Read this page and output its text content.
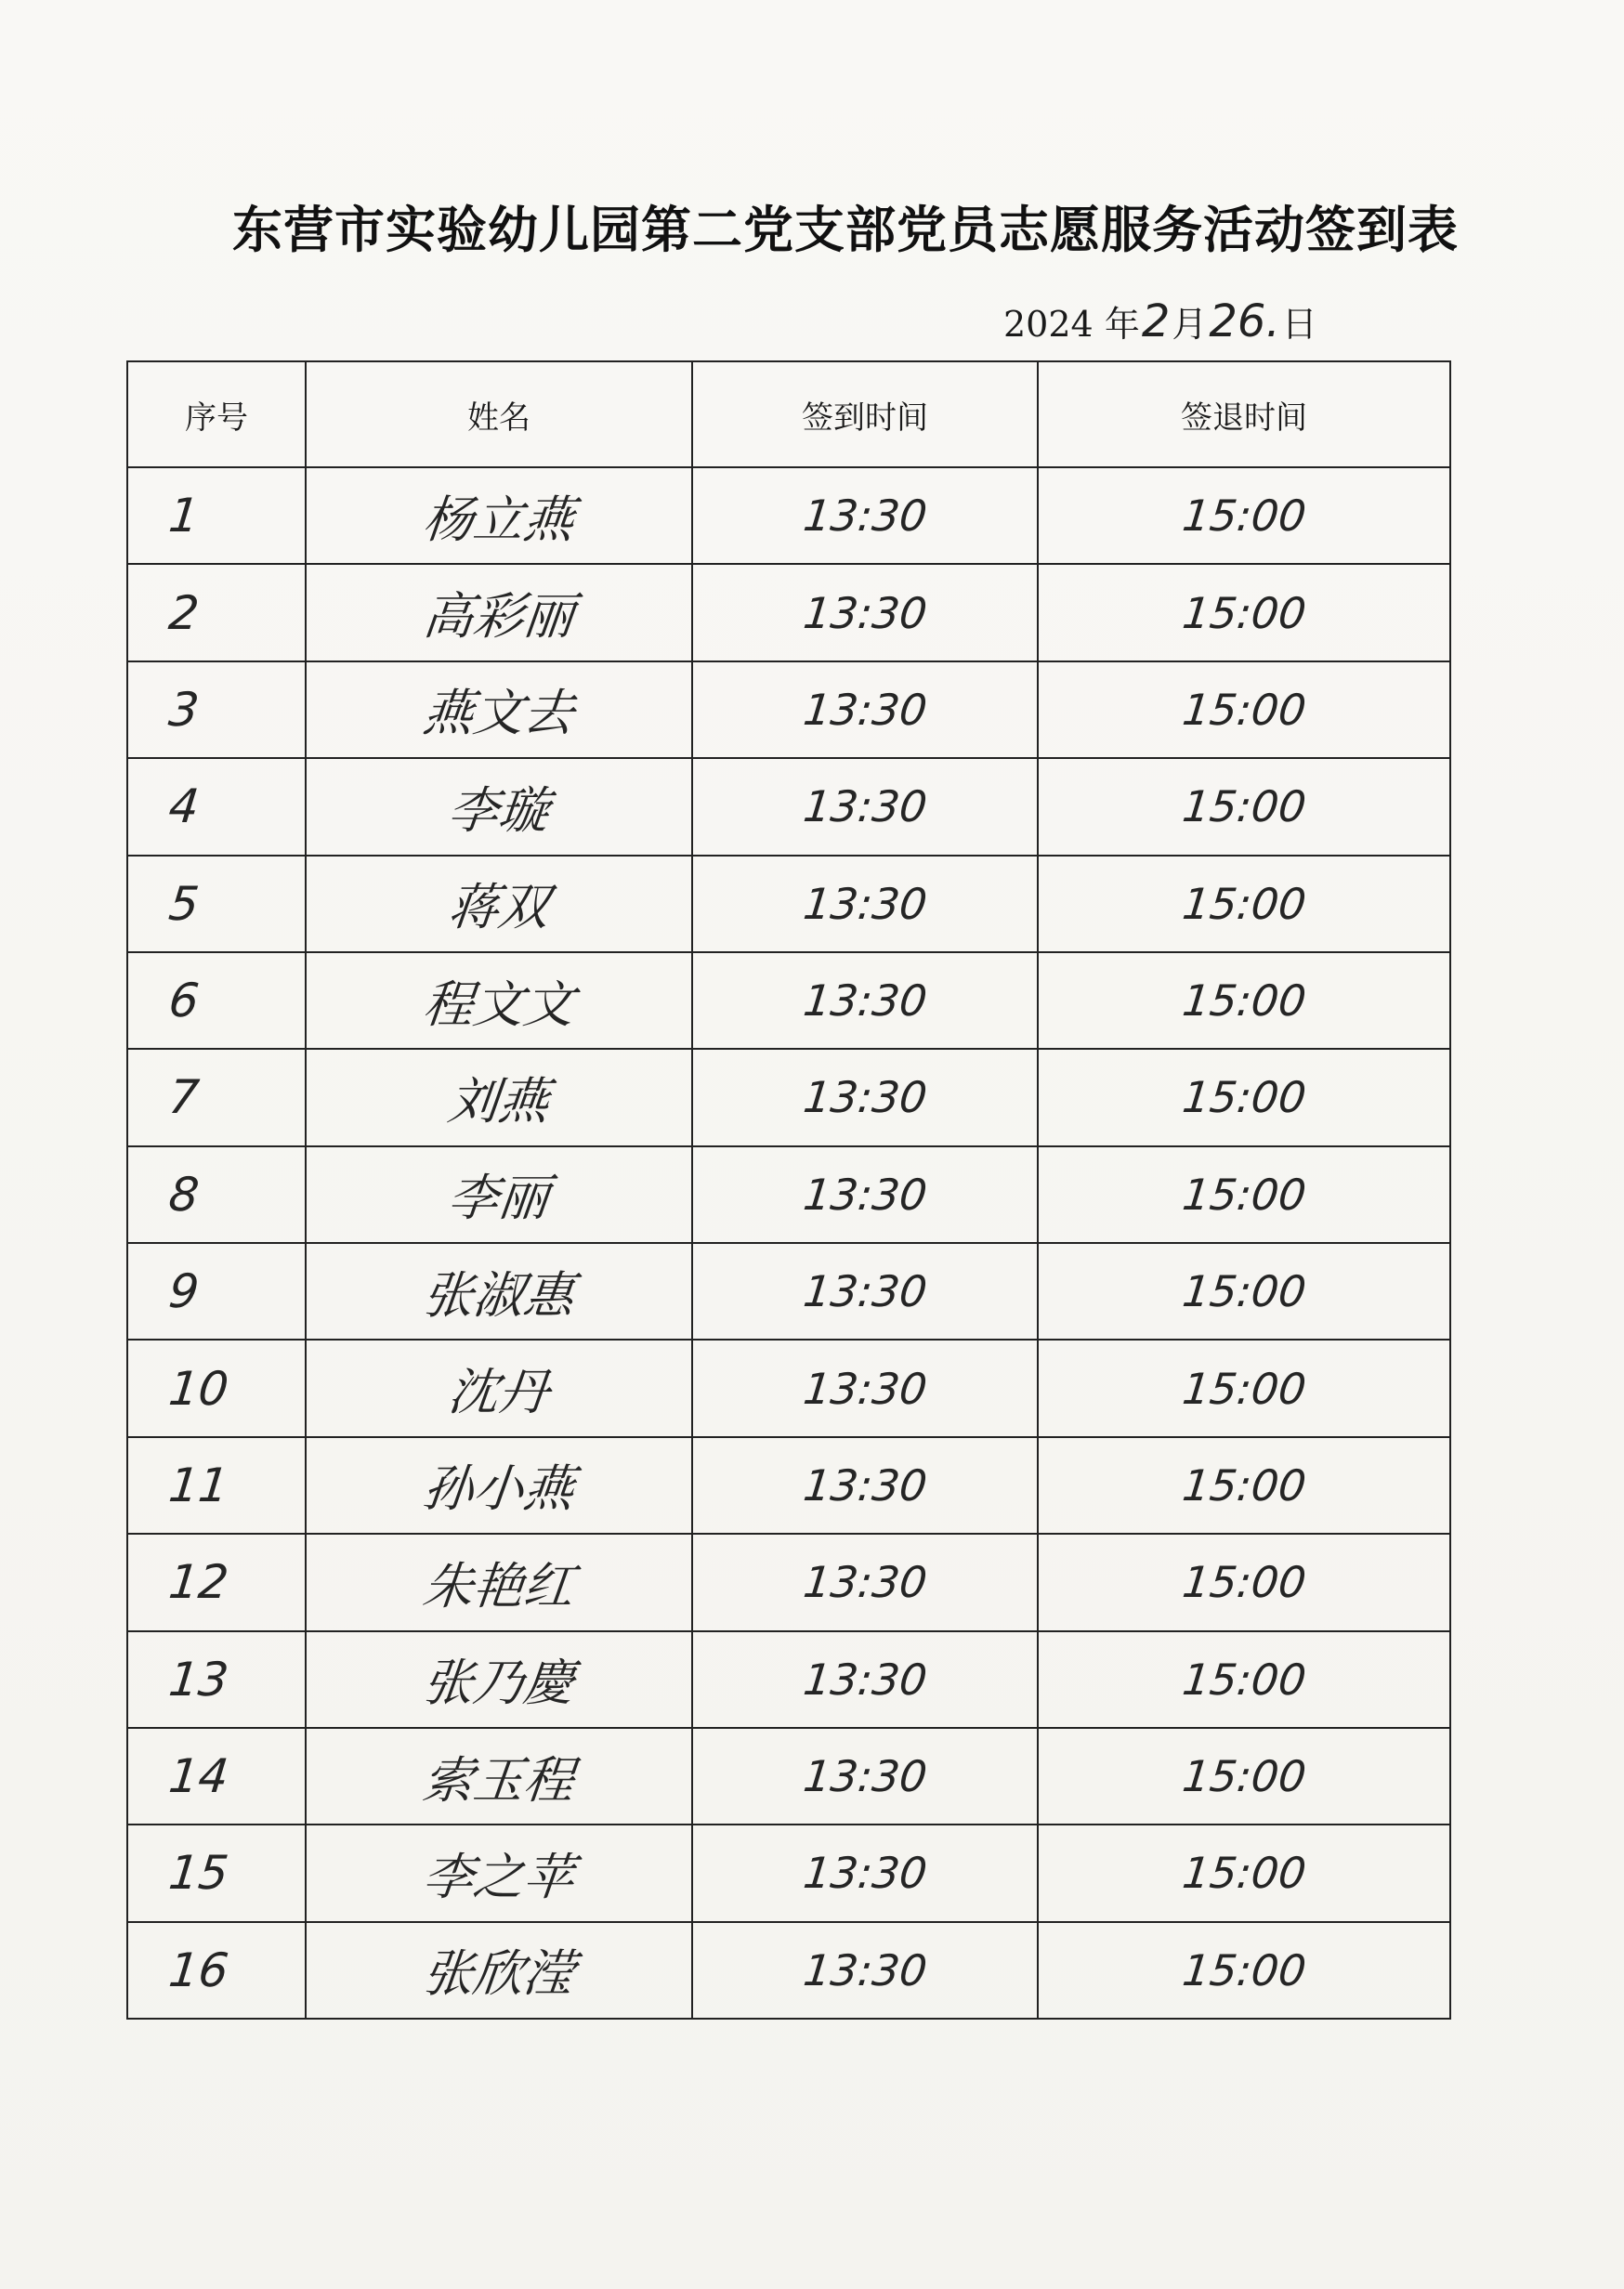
东营市实验幼儿园第二党支部党员志愿服务活动签到表
2024 年2月26.日
序号	姓名	签到时间	签退时间
1	杨立燕	13:30	15:00
2	高彩丽	13:30	15:00
3	燕文去	13:30	15:00
4	李璇	13:30	15:00
5	蒋双	13:30	15:00
6	程文文	13:30	15:00
7	刘燕	13:30	15:00
8	李丽	13:30	15:00
9	张淑惠	13:30	15:00
10	沈丹	13:30	15:00
11	孙小燕	13:30	15:00
12	朱艳红	13:30	15:00
13	张乃慶	13:30	15:00
14	索玉程	13:30	15:00
15	李之苹	13:30	15:00
16	张欣滢	13:30	15:00
